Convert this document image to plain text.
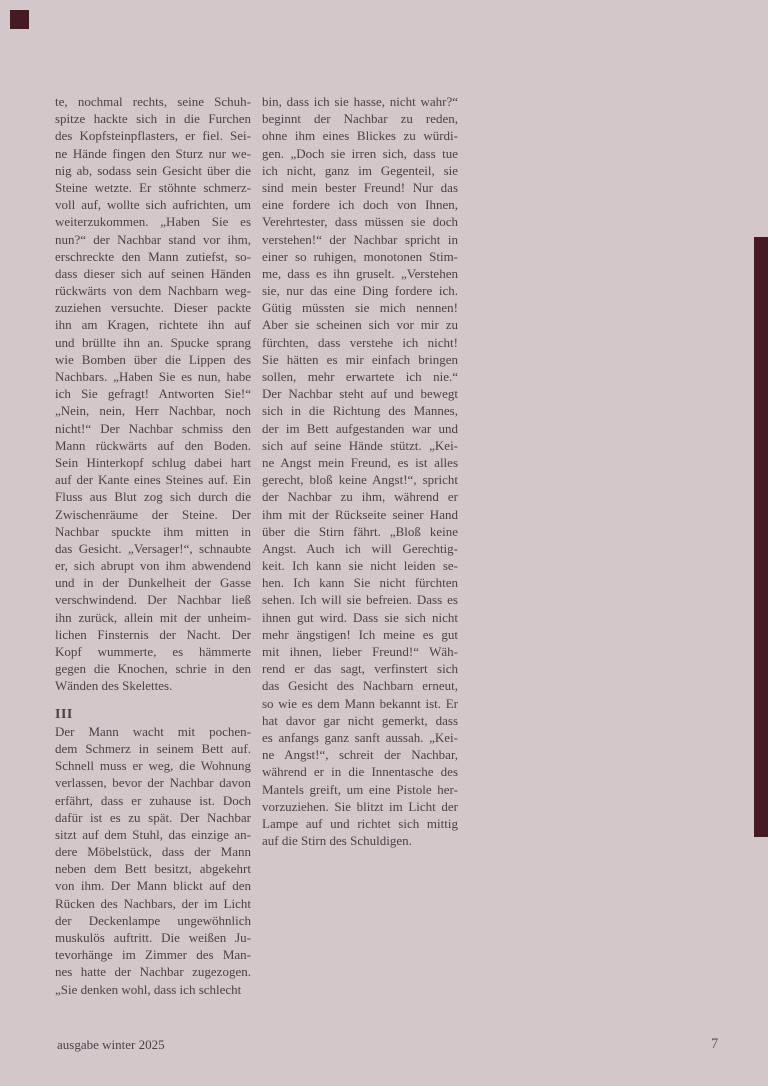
te, nochmal rechts, seine Schuh-
spitze hackte sich in die Furchen
des Kopfsteinpflasters, er fiel. Sei-
ne Hände fingen den Sturz nur we-
nig ab, sodass sein Gesicht über die
Steine wetzte. Er stöhnte schmerz-
voll auf, wollte sich aufrichten, um
weiterzukommen. „Haben Sie es
nun?“ der Nachbar stand vor ihm,
erschreckte den Mann zutiefst, so-
dass dieser sich auf seinen Händen
rückwärts von dem Nachbarn weg-
zuziehen versuchte. Dieser packte
ihn am Kragen, richtete ihn auf
und brüllte ihn an. Spucke sprang
wie Bomben über die Lippen des
Nachbars. „Haben Sie es nun, habe
ich Sie gefragt! Antworten Sie!“
„Nein, nein, Herr Nachbar, noch
nicht!“ Der Nachbar schmiss den
Mann rückwärts auf den Boden.
Sein Hinterkopf schlug dabei hart
auf der Kante eines Steines auf. Ein
Fluss aus Blut zog sich durch die
Zwischenräume der Steine. Der
Nachbar spuckte ihm mitten in
das Gesicht. „Versager!“, schnaubte
er, sich abrupt von ihm abwendend
und in der Dunkelheit der Gasse
verschwindend. Der Nachbar ließ
ihn zurück, allein mit der unheim-
lichen Finsternis der Nacht. Der
Kopf wummerte, es hämmerte
gegen die Knochen, schrie in den
Wänden des Skelettes.
III
Der Mann wacht mit pochen-
dem Schmerz in seinem Bett auf.
Schnell muss er weg, die Wohnung
verlassen, bevor der Nachbar davon
erfährt, dass er zuhause ist. Doch
dafür ist es zu spät. Der Nachbar
sitzt auf dem Stuhl, das einzige an-
dere Möbelstück, dass der Mann
neben dem Bett besitzt, abgekehrt
von ihm. Der Mann blickt auf den
Rücken des Nachbars, der im Licht
der Deckenlampe ungewöhnlich
muskulös auftritt. Die weißen Ju-
tevorhänge im Zimmer des Man-
nes hatte der Nachbar zugezogen.
„Sie denken wohl, dass ich schlecht
bin, dass ich sie hasse, nicht wahr?“
beginnt der Nachbar zu reden,
ohne ihm eines Blickes zu würdi-
gen. „Doch sie irren sich, dass tue
ich nicht, ganz im Gegenteil, sie
sind mein bester Freund! Nur das
eine fordere ich doch von Ihnen,
Verehrtester, dass müssen sie doch
verstehen!“ der Nachbar spricht in
einer so ruhigen, monotonen Stim-
me, dass es ihn gruselt. „Verstehen
sie, nur das eine Ding fordere ich.
Gütig müssten sie mich nennen!
Aber sie scheinen sich vor mir zu
fürchten, dass verstehe ich nicht!
Sie hätten es mir einfach bringen
sollen, mehr erwartete ich nie.“
Der Nachbar steht auf und bewegt
sich in die Richtung des Mannes,
der im Bett aufgestanden war und
sich auf seine Hände stützt. „Kei-
ne Angst mein Freund, es ist alles
gerecht, bloß keine Angst!“, spricht
der Nachbar zu ihm, während er
ihm mit der Rückseite seiner Hand
über die Stirn fährt. „Bloß keine
Angst. Auch ich will Gerechtig-
keit. Ich kann sie nicht leiden se-
hen. Ich kann Sie nicht fürchten
sehen. Ich will sie befreien. Dass es
ihnen gut wird. Dass sie sich nicht
mehr ängstigen! Ich meine es gut
mit ihnen, lieber Freund!“ Wäh-
rend er das sagt, verfinstert sich
das Gesicht des Nachbarn erneut,
so wie es dem Mann bekannt ist. Er
hat davor gar nicht gemerkt, dass
es anfangs ganz sanft aussah. „Kei-
ne Angst!“, schreit der Nachbar,
während er in die Innentasche des
Mantels greift, um eine Pistole her-
vorzuziehen. Sie blitzt im Licht der
Lampe auf und richtet sich mittig
auf die Stirn des Schuldigen.
ausgabe winter 2025	7
